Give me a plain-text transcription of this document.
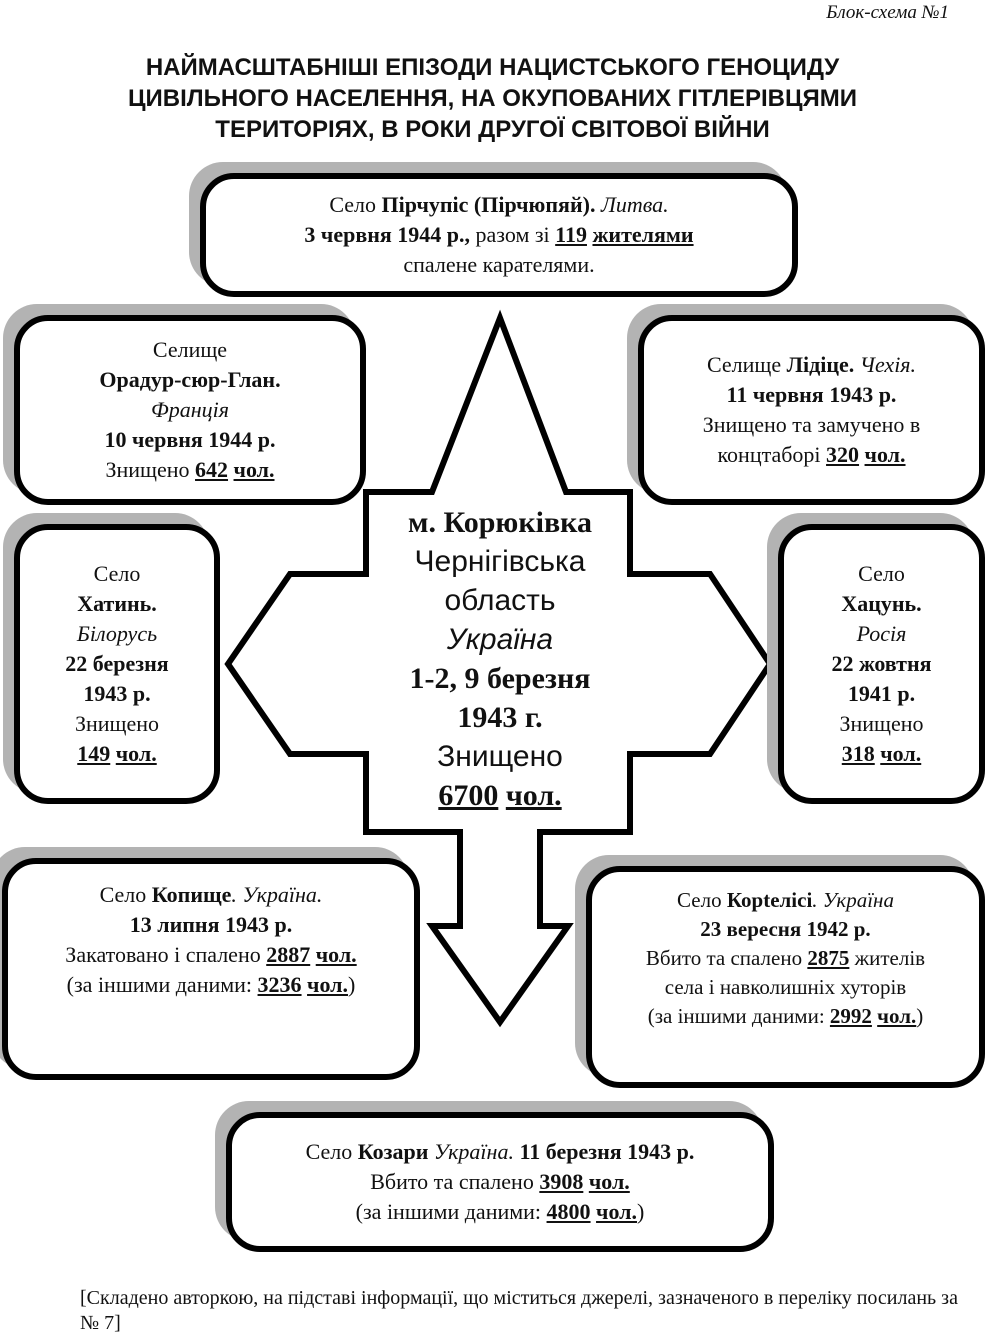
Блок-схема №1
НАЙМАСШТАБНІШІ ЕПІЗОДИ НАЦИСТСЬКОГО ГЕНОЦИДУ
ЦИВІЛЬНОГО НАСЕЛЕННЯ, НА ОКУПОВАНИХ ГІТЛЕРІВЦЯМИ
ТЕРИТОРІЯХ, В РОКИ ДРУГОЇ СВІТОВОЇ ВІЙНИ
м. Корюківка
Чернігівська
область
Україна
1-2, 9 березня
1943 г.
Знищено
6700 чол.
Село Пірчупіс (Пірчюпяй). Литва.
3 червня 1944 р., разом зі 119 жителями
спалене карателями.
Селище
Орадур-сюр-Глан.
Франція
10 червня 1944 р.
Знищено 642 чол.
Селище Лідіце. Чехія.
11 червня 1943 р.
Знищено та замучено в
концтаборі 320 чол.
Село
Хатинь.
Білорусь
22 березня
1943 р.
Знищено
149 чол.
Село
Хацунь.
Росія
22 жовтня
1941 р.
Знищено
318 чол.
Село Копище. Україна.
13 липня 1943 р.
Закатовано і спалено 2887 чол.
(за іншими даними: 3236 чол.)
Село Корteлісі. Україна
23 вересня 1942 р.
Вбито та спалено 2875 жителів
села і навколишніх хуторів
(за іншими даними: 2992 чол.)
Село Козари Україна. 11 березня 1943 р.
Вбито та спалено 3908 чол.
(за іншими даними: 4800 чол.)
[Складено авторкою, на підставі інформації, що міститься джерелі, зазначеного в переліку посилань за № 7]
